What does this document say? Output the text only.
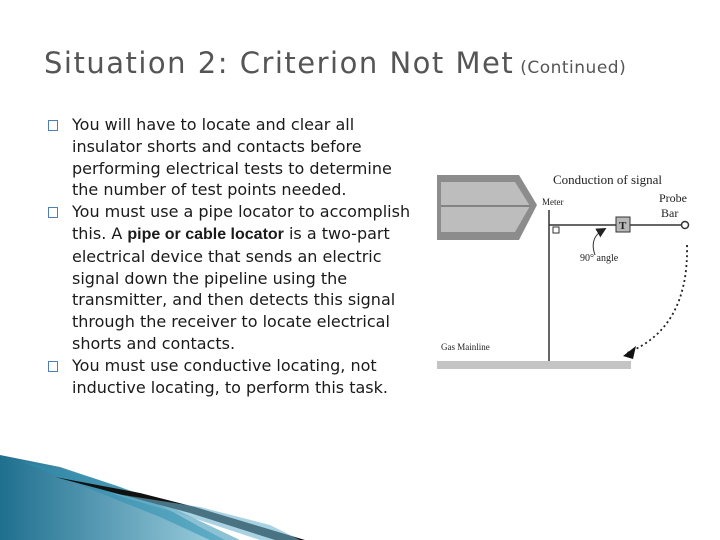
Situation 2: Criterion Not Met (Continued)
You will have to locate and clear all insulator shorts and contacts before performing electrical tests to determine the number of test points needed.
You must use a pipe locator to accomplish this. A pipe or cable locator is a two-part electrical device that sends an electric signal down the pipeline using the transmitter, and then detects this signal through the receiver to locate electrical shorts and contacts.
You must use conductive locating, not inductive locating, to perform this task.
T
Conduction of signal
Meter	Probe
Bar
90° angle
Gas Mainline
